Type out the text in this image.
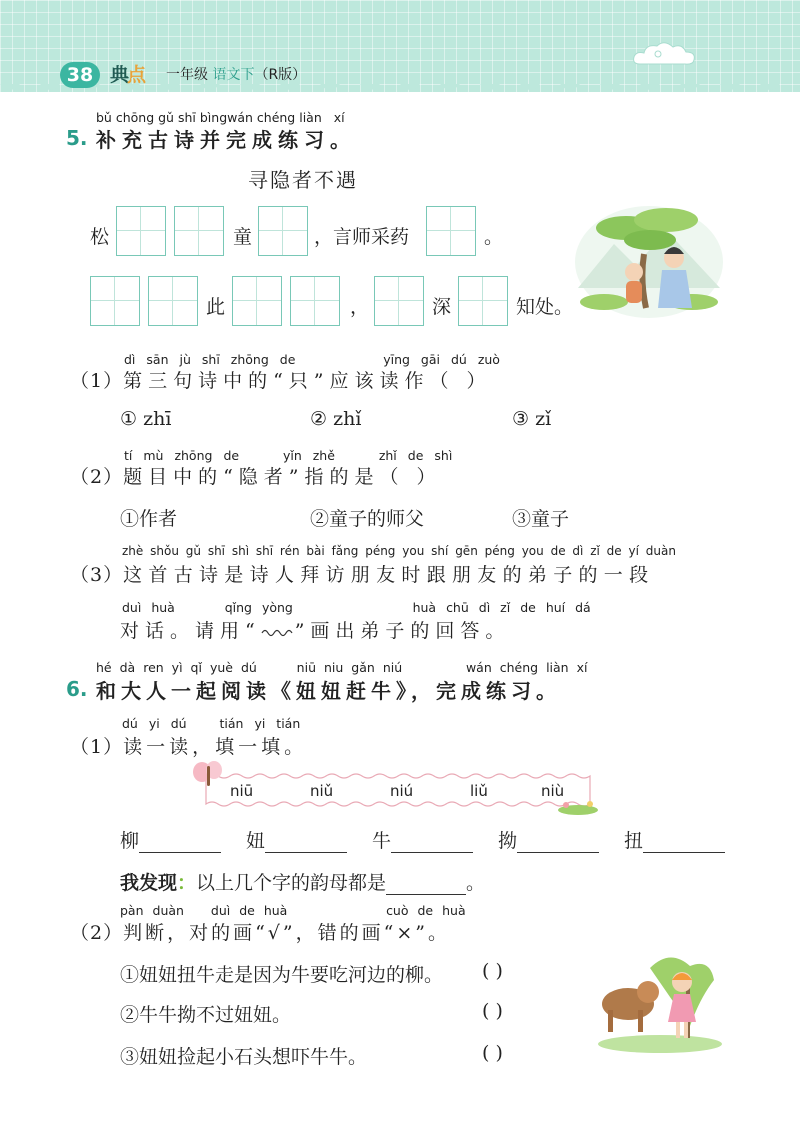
38 典点 一年级 语文下（R版）
bǔ chōng gǔ shī bìngwán chéng liàn xí
5. 补充古诗并完成练习。
寻隐者不遇
松	童	，言师采药	。
此	，	深	知处。
dì sān jù shī zhōng de	yīng gāi dú zuò
（1）第三句诗中的“只”应该读作（ ）
① zhī	② zhǐ	③ zǐ
tí mù zhōng de	yǐn zhě	zhǐ de shì
（2）题目中的“隐者”指的是（ ）
①作者	②童子的师父	③童子
zhè shǒu gǔ shī shì shī rén bài fǎng péng you shí gēn péng you de dì zǐ de yí duàn
（3）这首古诗是诗人拜访朋友时跟朋友的弟子的一段
duì huà	qǐng yòng	huà chū dì zǐ de huí dá
对话。请用“ ”画出弟子的回答。
hé dà ren yì qǐ yuè dú	niū niu gǎn niú	wán chéng liàn xí
6. 和大人一起阅读《妞妞赶牛》，完成练习。
dú yi dú	tián yi tián
（1）读一读，填一填。
niū	niǔ	niú	liǔ	niù
柳	妞	牛	拗	扭
我发现：以上几个字的韵母都是	。
pàn duàn duì de huà	cuò de huà
（2）判断，对的画“√”，错的画“×”。
①妞妞扭牛走是因为牛要吃河边的柳。 ( )
②牛牛拗不过妞妞。	( )
③妞妞捡起小石头想吓牛牛。	( )
